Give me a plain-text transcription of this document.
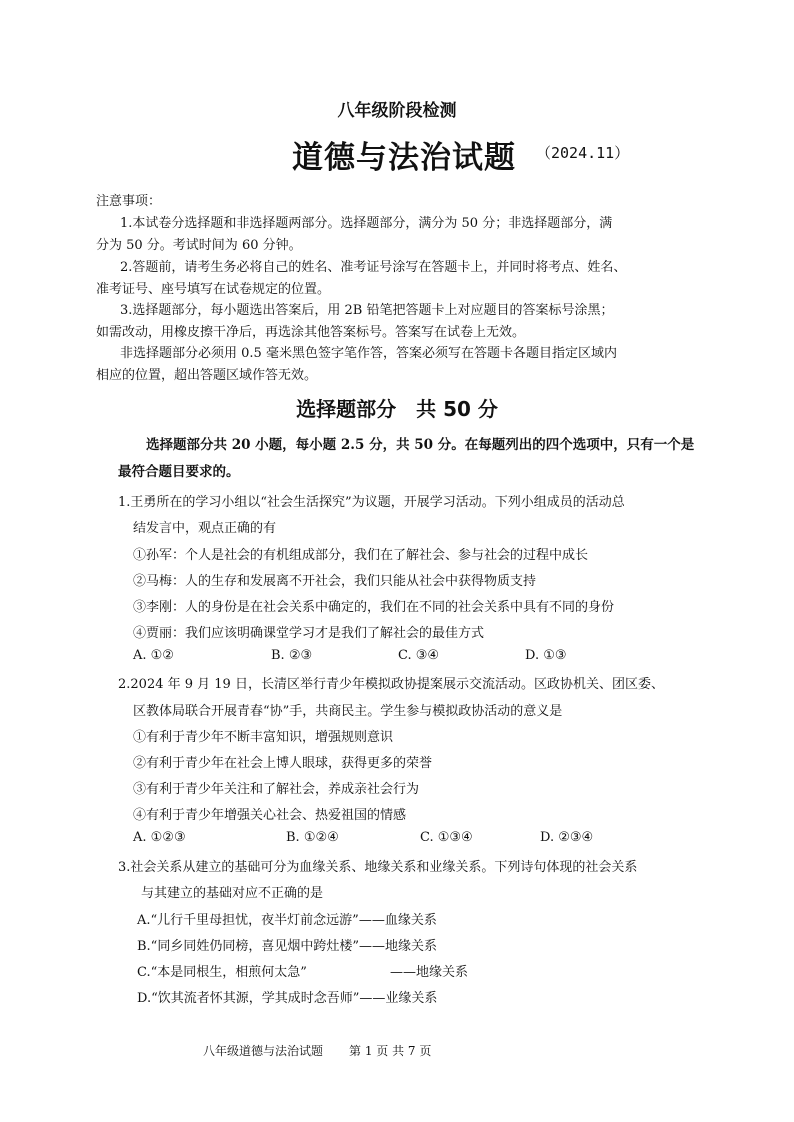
八年级阶段检测
道德与法治试题 （2024.11）
注意事项：
1.本试卷分选择题和非选择题两部分。选择题部分，满分为 50 分；非选择题部分，满
分为 50 分。考试时间为 60 分钟。
2.答题前，请考生务必将自己的姓名、准考证号涂写在答题卡上，并同时将考点、姓名、
准考证号、座号填写在试卷规定的位置。
3.选择题部分，每小题选出答案后，用 2B 铅笔把答题卡上对应题目的答案标号涂黑；
如需改动，用橡皮擦干净后，再选涂其他答案标号。答案写在试卷上无效。
非选择题部分必须用 0.5 毫米黑色签字笔作答，答案必须写在答题卡各题目指定区域内
相应的位置，超出答题区域作答无效。
选择题部分　共 50 分
选择题部分共 20 小题，每小题 2.5 分，共 50 分。在每题列出的四个选项中，只有一个是
最符合题目要求的。
1.王勇所在的学习小组以“社会生活探究”为议题，开展学习活动。下列小组成员的活动总
结发言中，观点正确的有
①孙军：个人是社会的有机组成部分，我们在了解社会、参与社会的过程中成长
②马梅：人的生存和发展离不开社会，我们只能从社会中获得物质支持
③李刚：人的身份是在社会关系中确定的，我们在不同的社会关系中具有不同的身份
④贾丽：我们应该明确课堂学习才是我们了解社会的最佳方式
A. ①②	B. ②③	C. ③④	D. ①③
2.2024 年 9 月 19 日，长清区举行青少年模拟政协提案展示交流活动。区政协机关、团区委、
区教体局联合开展青春“协”手，共商民主。学生参与模拟政协活动的意义是
①有利于青少年不断丰富知识，增强规则意识
②有利于青少年在社会上博人眼球，获得更多的荣誉
③有利于青少年关注和了解社会，养成亲社会行为
④有利于青少年增强关心社会、热爱祖国的情感
A. ①②③	B. ①②④	C. ①③④	D. ②③④
3.社会关系从建立的基础可分为血缘关系、地缘关系和业缘关系。下列诗句体现的社会关系
与其建立的基础对应不正确的是
A.“儿行千里母担忧，夜半灯前念远游”——血缘关系
B.“同乡同姓仍同榜，喜见烟中跨灶楼”——地缘关系
C.“本是同根生，相煎何太急”	——地缘关系
D.“饮其流者怀其源，学其成时念吾师”——业缘关系
八年级道德与法治试题 第 1 页 共 7 页
